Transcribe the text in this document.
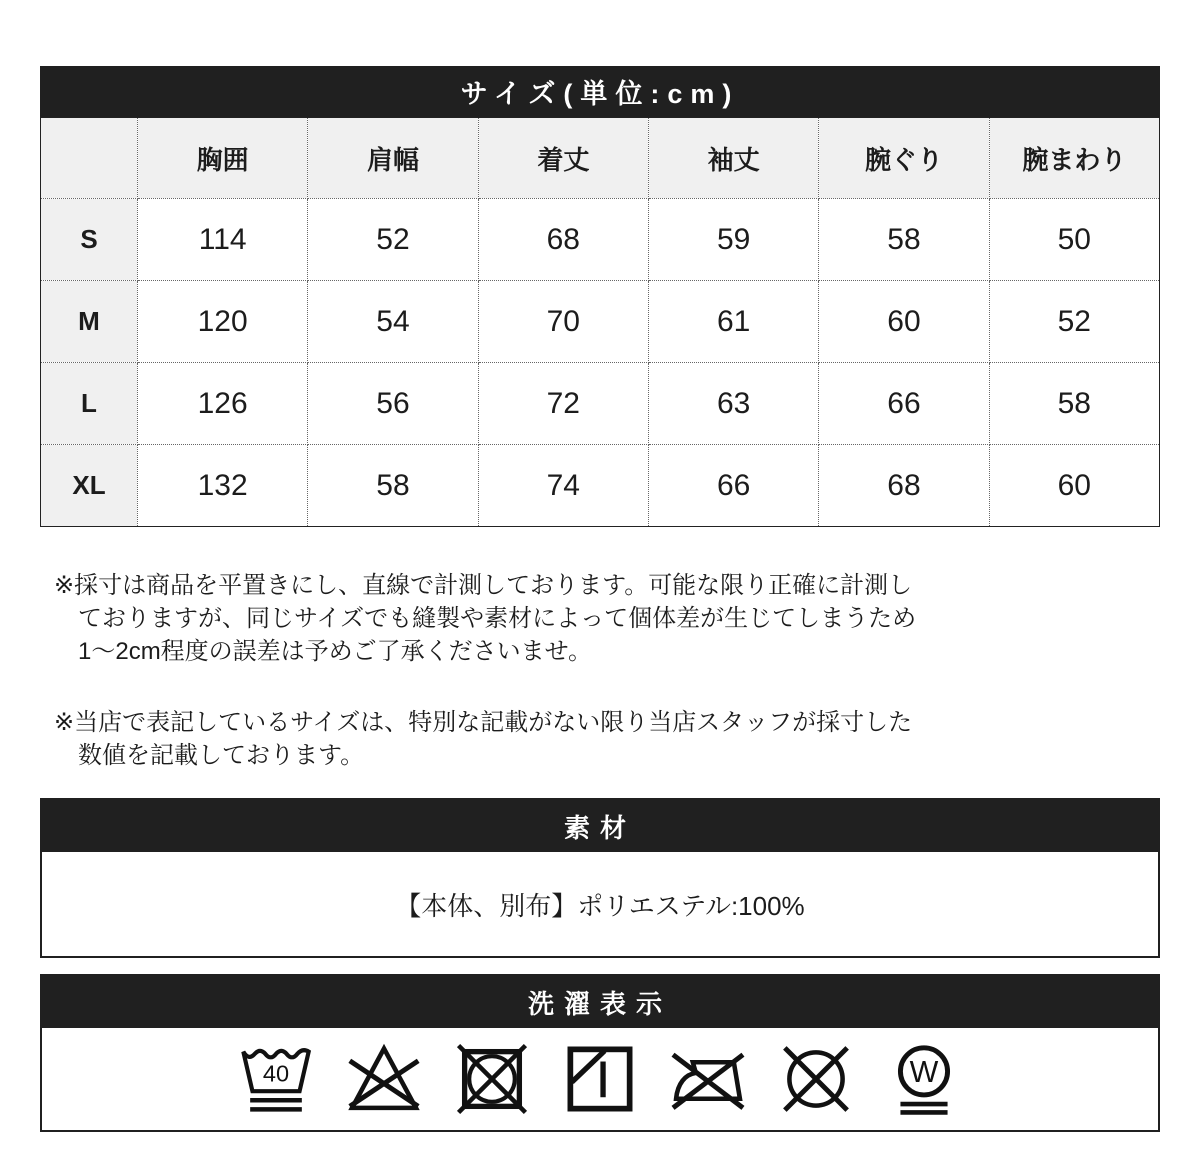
サイズ(単位:cm)
	胸囲	肩幅	着丈	袖丈	腕ぐり	腕まわり
S	114	52	68	59	58	50
M	120	54	70	61	60	52
L	126	56	72	63	66	58
XL	132	58	74	66	68	60
※採寸は商品を平置きにし、直線で計測しております。可能な限り正確に計測し
ておりますが、同じサイズでも縫製や素材によって個体差が生じてしまうため
1〜2cm程度の誤差は予めご了承くださいませ。
※当店で表記しているサイズは、特別な記載がない限り当店スタッフが採寸した
数値を記載しております。
素材
【本体、別布】ポリエステル:100%
洗濯表示
40	W
